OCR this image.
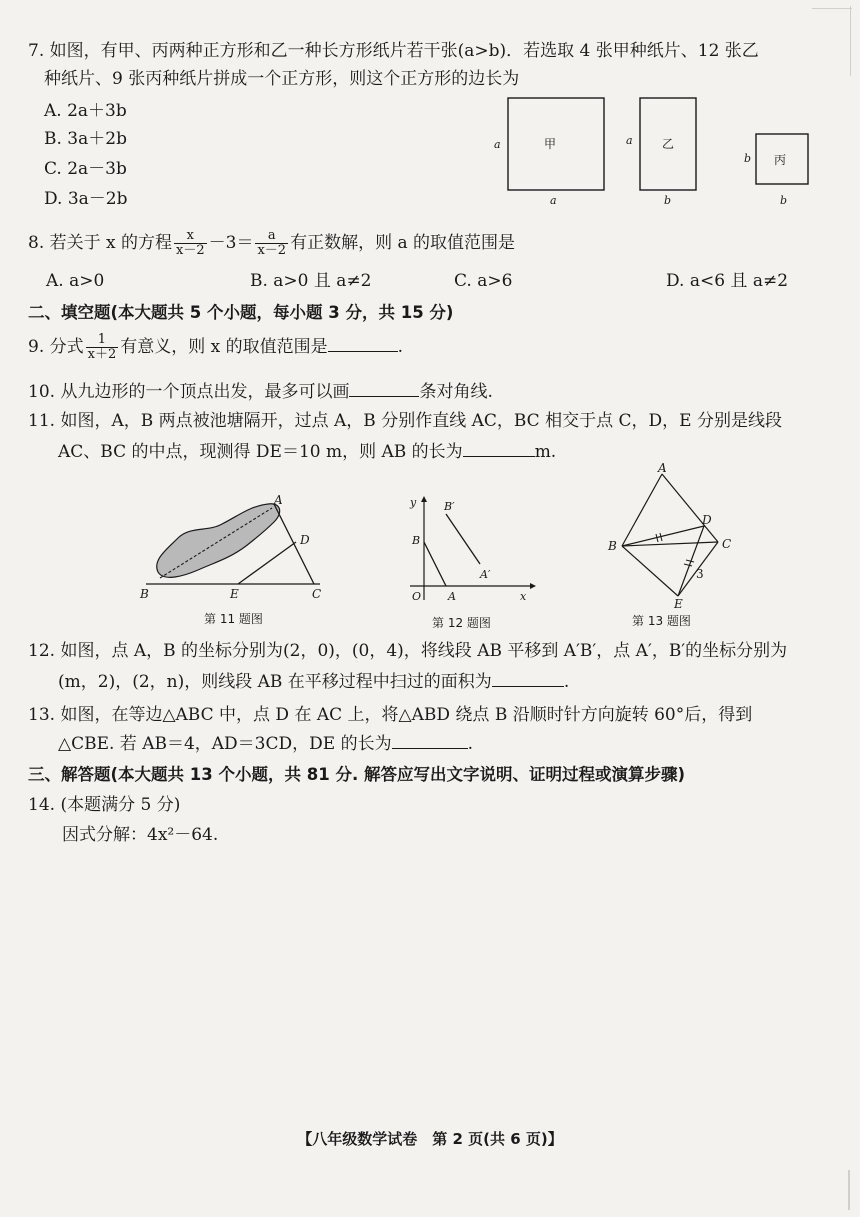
7. 如图，有甲、丙两种正方形和乙一种长方形纸片若干张(a>b)．若选取 4 张甲种纸片、12 张乙
种纸片、9 张丙种纸片拼成一个正方形，则这个正方形的边长为
A. 2a＋3b
B. 3a＋2b
C. 2a－3b
D. 3a－2b
甲
a
a
乙
a
b
丙
b
b
8. 若关于 x 的方程 $\frac{x}{x-2} -3= \frac{a}{x-2}$ 有正数解，则 a 的取值范围是
A. a>0	B. a>0 且 a≠2	C. a>6	D. a<6 且 a≠2
二、填空题(本大题共 5 个小题，每小题 3 分，共 15 分)
9. 分式 $\frac{1}{x+2}$ 有意义，则 x 的取值范围是	.
10. 从九边形的一个顶点出发，最多可以画	条对角线.
11. 如图，A，B 两点被池塘隔开，过点 A，B 分别作直线 AC，BC 相交于点 C，D，E 分别是线段
AC、BC 的中点，现测得 DE＝10 m，则 AB 的长为	m.
A
B	C
D
E
第 11 题图
y
x
O A
B
A′
B′
第 12 题图
A
B	C
D
E
3
第 13 题图
12. 如图，点 A，B 的坐标分别为(2，0)，(0，4)，将线段 AB 平移到 A′B′，点 A′，B′的坐标分别为
(m，2)，(2，n)，则线段 AB 在平移过程中扫过的面积为	.
13. 如图，在等边△ABC 中，点 D 在 AC 上，将△ABD 绕点 B 沿顺时针方向旋转 60°后，得到
△CBE. 若 AB＝4，AD＝3CD，DE 的长为	.
三、解答题(本大题共 13 个小题，共 81 分. 解答应写出文字说明、证明过程或演算步骤)
14. (本题满分 5 分)
因式分解：4x²－64.
【八年级数学试卷　第 2 页(共 6 页)】
